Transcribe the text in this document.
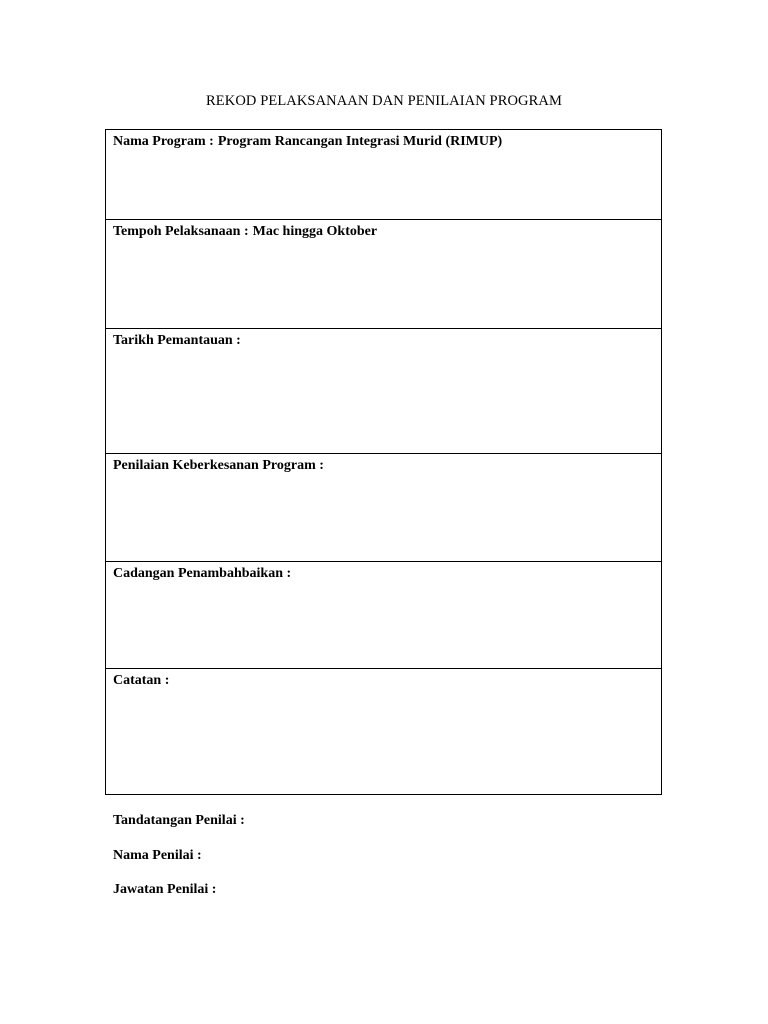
REKOD PELAKSANAAN DAN PENILAIAN PROGRAM
Nama Program : Program Rancangan Integrasi Murid (RIMUP)
Tempoh Pelaksanaan : Mac hingga Oktober
Tarikh Pemantauan :
Penilaian Keberkesanan Program :
Cadangan Penambahbaikan :
Catatan :
Tandatangan Penilai :
Nama Penilai :
Jawatan Penilai :
